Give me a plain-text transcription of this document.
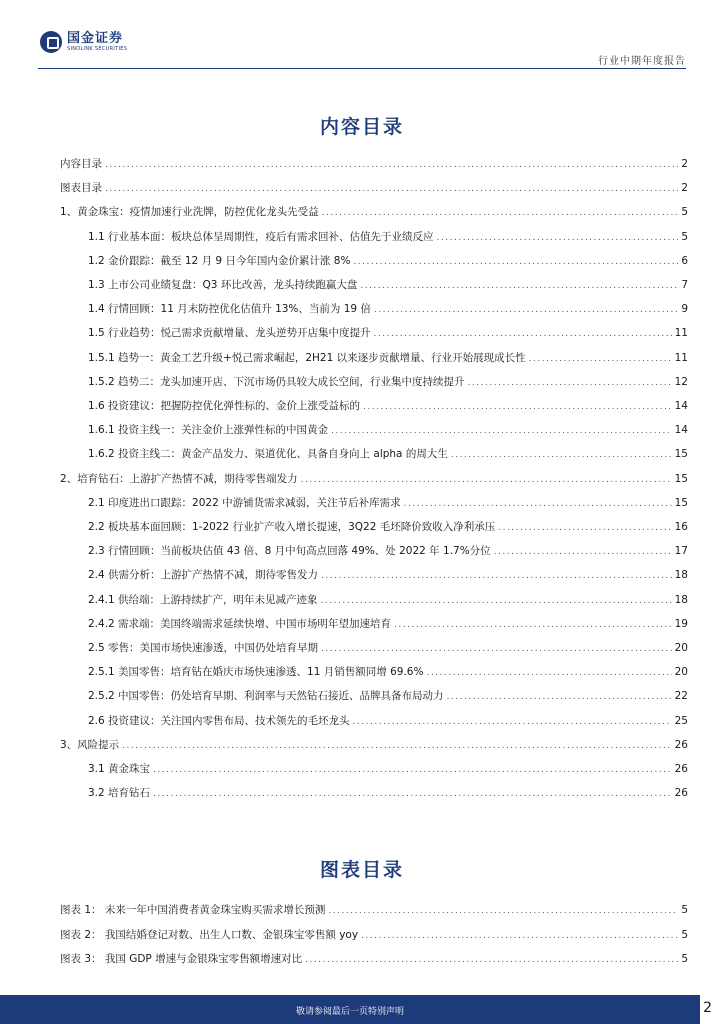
国金证券
SINOLINK SECURITIES
行业中期年度报告
内容目录
内容目录 .....	2
图表目录 .....	2
1、黄金珠宝：疫情加速行业洗牌，防控优化龙头先受益 .....	5
1.1 行业基本面：板块总体呈周期性，疫后有需求回补、估值先于业绩反应 .....	5
1.2 金价跟踪：截至 12 月 9 日今年国内金价累计涨 8% .....	6
1.3 上市公司业绩复盘：Q3 环比改善，龙头持续跑赢大盘 .....	7
1.4 行情回顾：11 月末防控优化估值升 13%、当前为 19 倍 .....	9
1.5 行业趋势：悦己需求贡献增量、龙头逆势开店集中度提升 .....	11
1.5.1 趋势一：黄金工艺升级+悦己需求崛起，2H21 以来逐步贡献增量、行业开始展现成长性 .....	11
1.5.2 趋势二：龙头加速开店、下沉市场仍具较大成长空间，行业集中度持续提升 .....	12
1.6 投资建议：把握防控优化弹性标的、金价上涨受益标的 .....	14
1.6.1 投资主线一：关注金价上涨弹性标的中国黄金 .....	14
1.6.2 投资主线二：黄金产品发力、渠道优化、具备自身向上 alpha 的周大生 .....	15
2、培育钻石：上游扩产热情不减，期待零售端发力 .....	15
2.1 印度进出口跟踪：2022 中游铺货需求减弱，关注节后补库需求 .....	15
2.2 板块基本面回顾：1-2022 行业扩产收入增长提速，3Q22 毛坯降价致收入净利承压 .....	16
2.3 行情回顾：当前板块估值 43 倍、8 月中旬高点回落 49%、处 2022 年 1.7%分位 .....	17
2.4 供需分析：上游扩产热情不减，期待零售发力 .....	18
2.4.1 供给端：上游持续扩产，明年未见减产迹象 .....	18
2.4.2 需求端：美国终端需求延续快增、中国市场明年望加速培育 .....	19
2.5 零售：美国市场快速渗透，中国仍处培育早期 .....	20
2.5.1 美国零售：培育钻在婚庆市场快速渗透、11 月销售额同增 69.6% .....	20
2.5.2 中国零售：仍处培育早期、利润率与天然钻石接近、品牌具备布局动力 .....	22
2.6 投资建议：关注国内零售布局、技术领先的毛坯龙头 .....	25
3、风险提示 .....	26
3.1 黄金珠宝 .....	26
3.2 培育钻石 .....	26
图表目录
图表 1： 未来一年中国消费者黄金珠宝购买需求增长预测 .....	5
图表 2： 我国结婚登记对数、出生人口数、金银珠宝零售额 yoy .....	5
图表 3： 我国 GDP 增速与金银珠宝零售额增速对比 .....	5
敬请参阅最后一页特别声明	2
